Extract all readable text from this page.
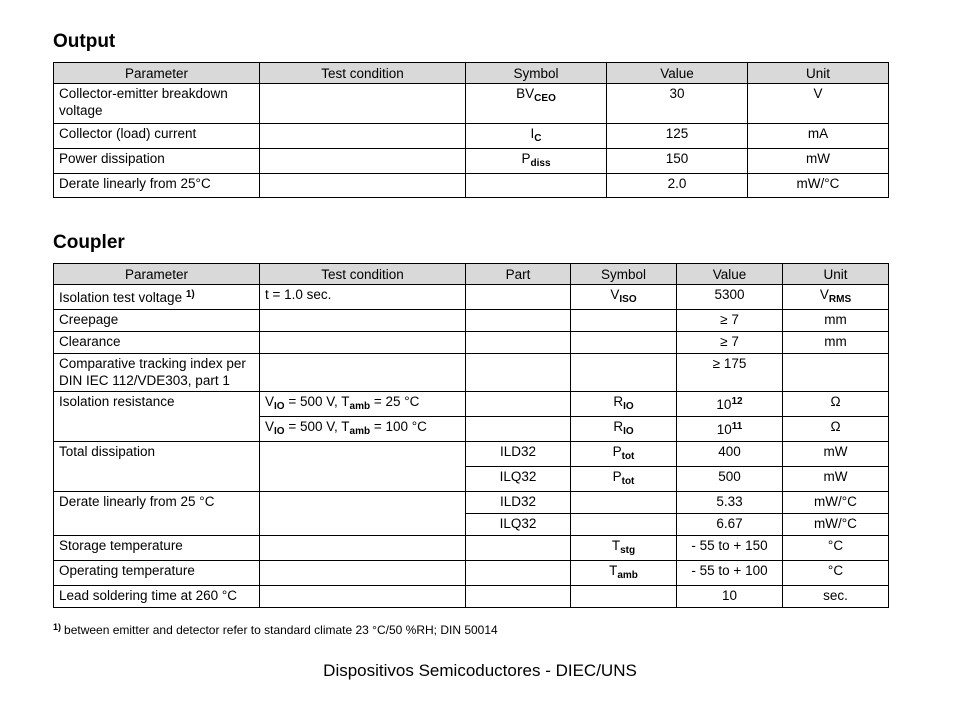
Output
Parameter	Test condition	Symbol	Value	Unit
Collector-emitter breakdown voltage		$BV_{CEO}$	30	V
Collector (load) current		$I_C$	125	mA
Power dissipation		$P_{diss}$	150	mW
Derate linearly from 25°C			2.0	mW/°C
Coupler
Parameter	Test condition	Part	Symbol	Value	Unit
Isolation test voltage $^{1)}$	t = 1.0 sec.		$V_{ISO}$	5300	$V_{RMS}$
Creepage				≥ 7	mm
Clearance				≥ 7	mm
Comparative tracking index per DIN IEC 112/VDE303, part 1				≥ 175	
Isolation resistance	$V_{IO} = 500$ V, $T_{amb} = 25$ °C		$R_{IO}$	$10^{12}$	Ω
	$V_{IO} = 500$ V, $T_{amb} = 100$ °C		$R_{IO}$	$10^{11}$	Ω
Total dissipation		ILD32	$P_{tot}$	400	mW
		ILQ32	$P_{tot}$	500	mW
Derate linearly from 25 °C		ILD32		5.33	mW/°C
		ILQ32		6.67	mW/°C
Storage temperature			$T_{stg}$	- 55 to + 150	°C
Operating temperature			$T_{amb}$	- 55 to + 100	°C
Lead soldering time at 260 °C				10	sec.
$^{1)}$ between emitter and detector refer to standard climate 23 °C/50 %RH; DIN 50014
Dispositivos Semicoductores - DIEC/UNS
